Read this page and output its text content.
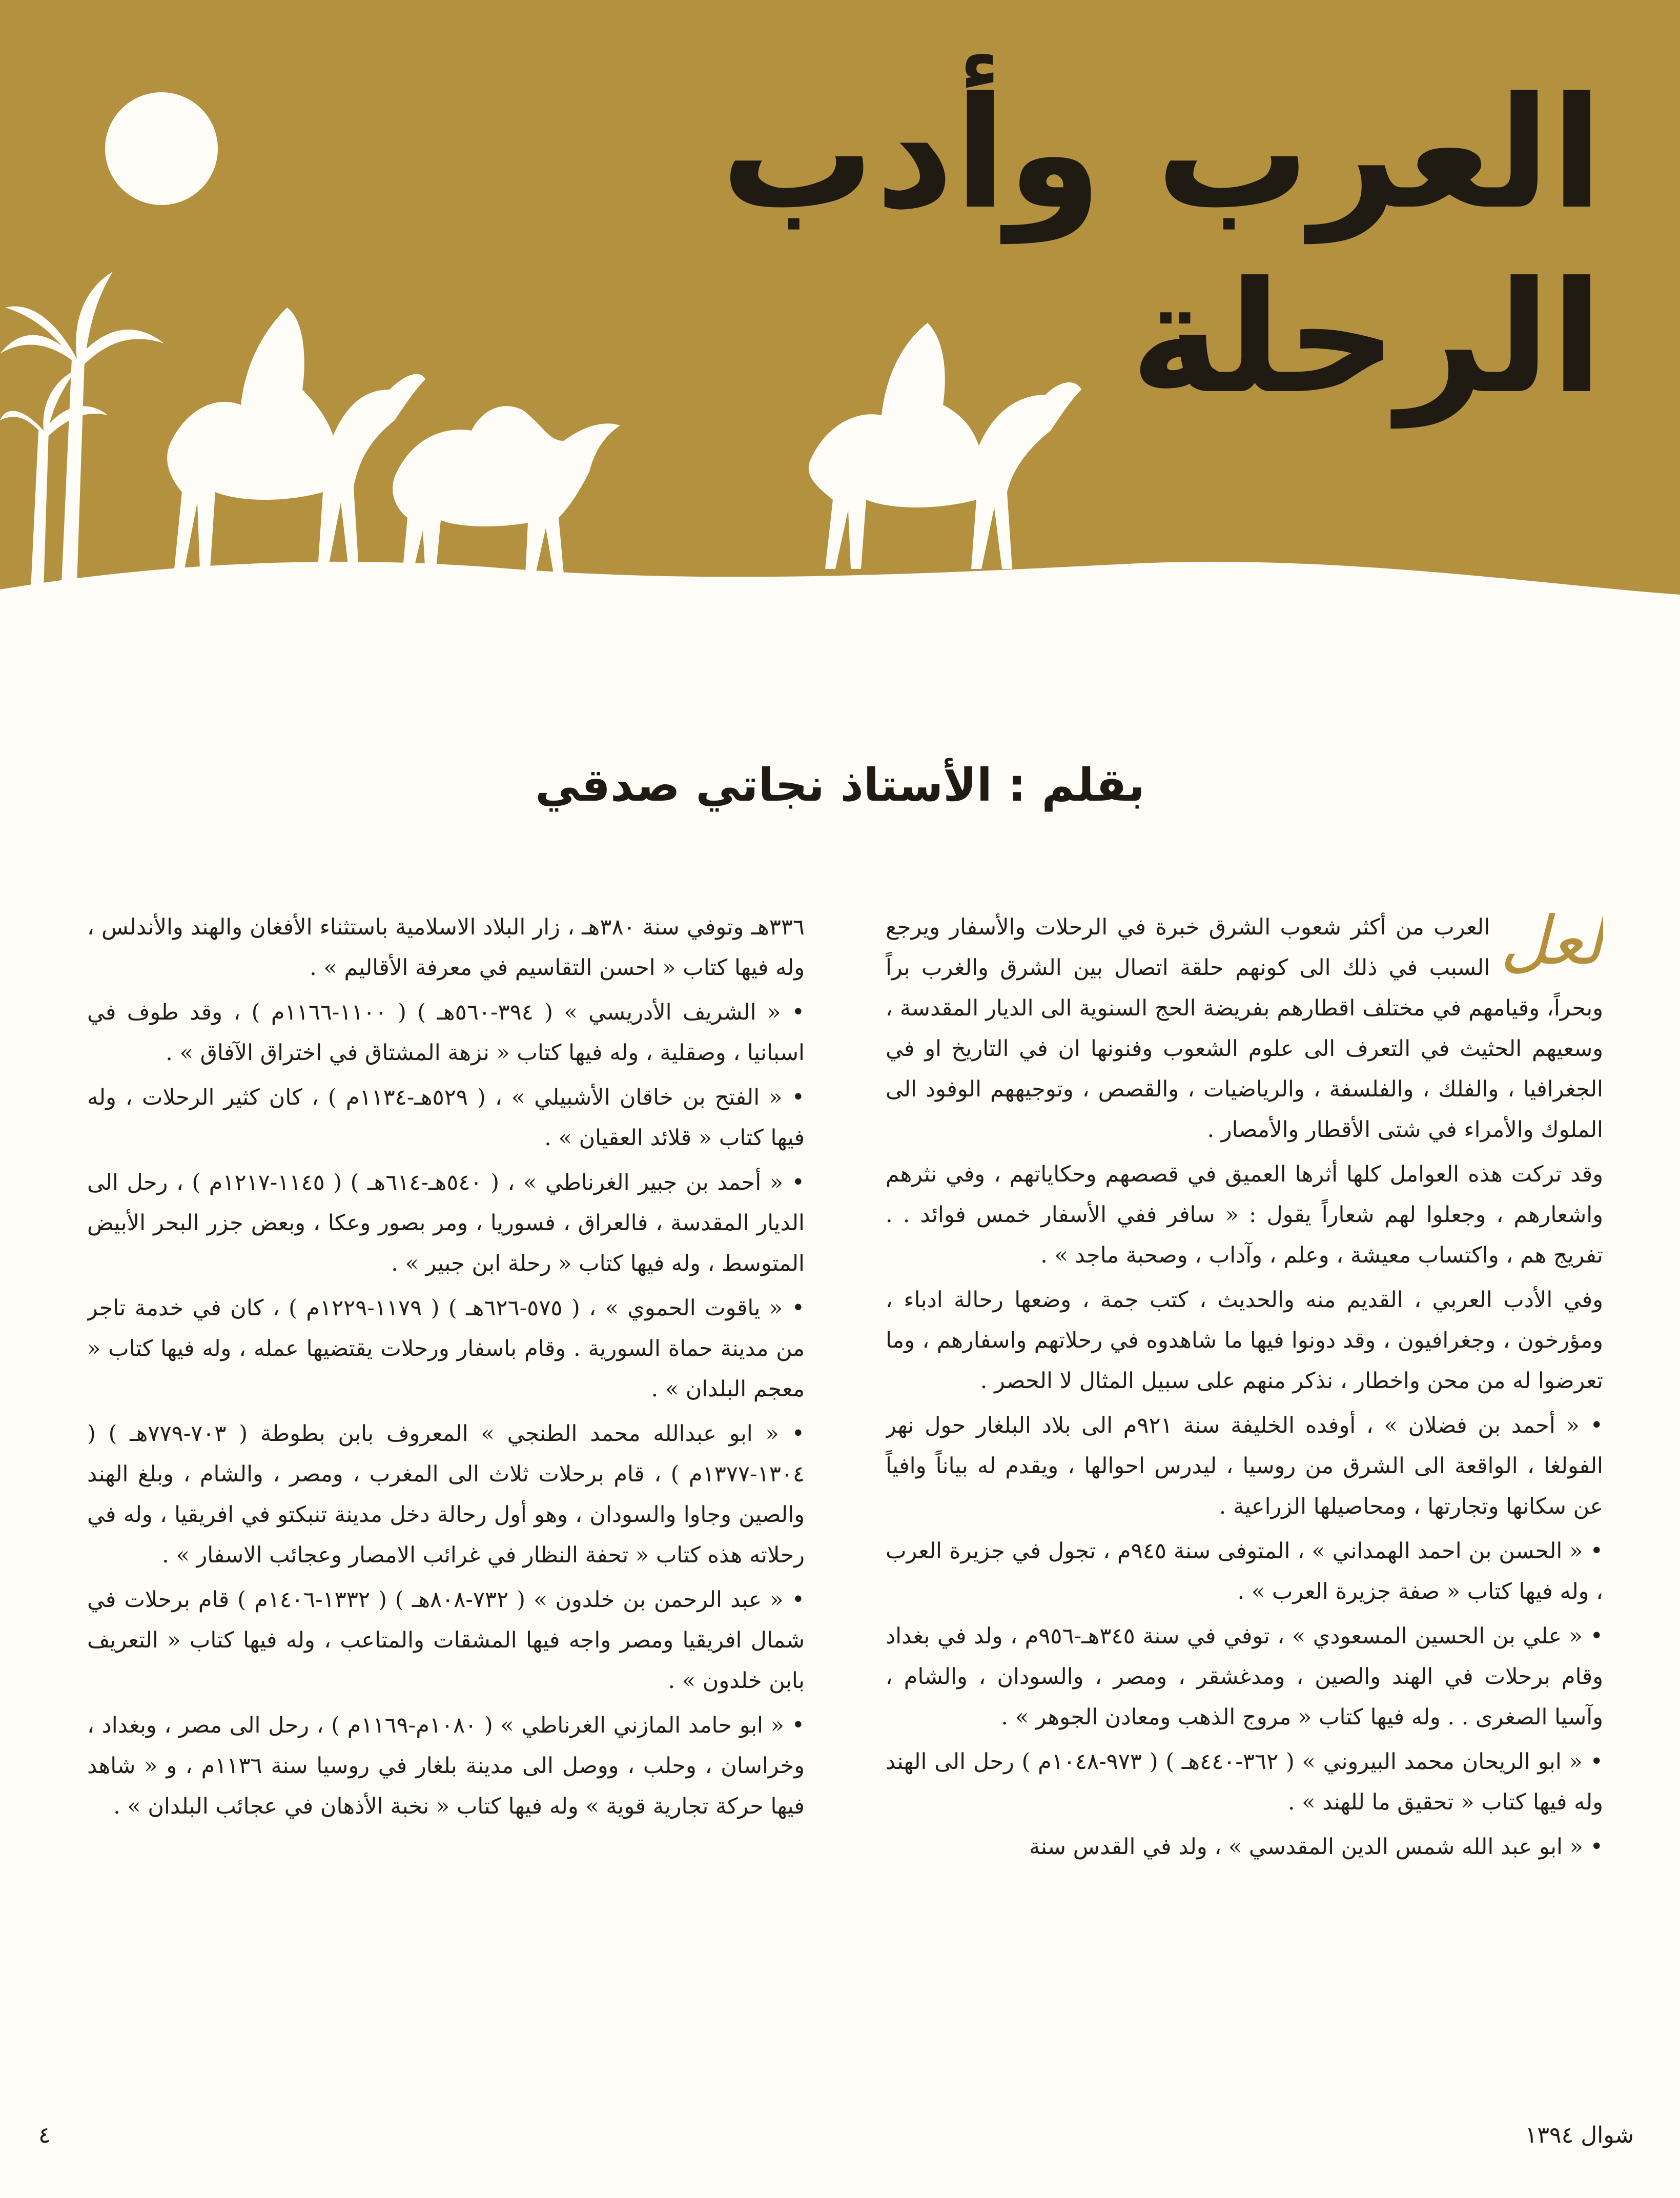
العرب وأدب الرحلة
بقلم : الأستاذ نجاتي صدقي

لعل
العرب من أكثر شعوب الشرق خبرة في الرحلات والأسفار ويرجع السبب في ذلك الى كونهم حلقة اتصال بين الشرق والغرب براً وبحراً، وقيامهم في مختلف اقطارهم بفريضة الحج السنوية الى الديار المقدسة ، وسعيهم الحثيث في التعرف الى علوم الشعوب وفنونها ان في التاريخ او في الجغرافيا ، والفلك ، والفلسفة ، والرياضيات ، والقصص ، وتوجيههم الوفود الى الملوك والأمراء في شتى الأقطار والأمصار .

وقد تركت هذه العوامل كلها أثرها العميق في قصصهم وحكاياتهم ، وفي نثرهم واشعارهم ، وجعلوا لهم شعاراً يقول : « سافر ففي الأسفار خمس فوائد . . تفريج هم ، واكتساب معيشة ، وعلم ، وآداب ، وصحبة ماجد » .

وفي الأدب العربي ، القديم منه والحديث ، كتب جمة ، وضعها رحالة ادباء ، ومؤرخون ، وجغرافيون ، وقد دونوا فيها ما شاهدوه في رحلاتهم واسفارهم ، وما تعرضوا له من محن واخطار ، نذكر منهم على سبيل المثال لا الحصر .

• « أحمد بن فضلان » ، أوفده الخليفة سنة ٩٢١م الى بلاد البلغار حول نهر الفولغا ، الواقعة الى الشرق من روسيا ، ليدرس احوالها ، ويقدم له بياناً وافياً عن سكانها وتجارتها ، ومحاصيلها الزراعية .

• « الحسن بن احمد الهمداني » ، المتوفى سنة ٩٤٥م ، تجول في جزيرة العرب ، وله فيها كتاب « صفة جزيرة العرب » .

• « علي بن الحسين المسعودي » ، توفي في سنة ٣٤٥هـ-٩٥٦م ، ولد في بغداد وقام برحلات في الهند والصين ، ومدغشقر ، ومصر ، والسودان ، والشام ، وآسيا الصغرى . . وله فيها كتاب « مروج الذهب ومعادن الجوهر » .

• « ابو الريحان محمد البيروني » ( ٣٦٢-٤٤٠هـ ) ( ٩٧٣-١٠٤٨م ) رحل الى الهند وله فيها كتاب « تحقيق ما للهند » .

• « ابو عبد الله شمس الدين المقدسي » ، ولد في القدس سنة

٣٣٦هـ وتوفي سنة ٣٨٠هـ ، زار البلاد الاسلامية باستثناء الأفغان والهند والأندلس ، وله فيها كتاب « احسن التقاسيم في معرفة الأقاليم » .

• « الشريف الأدريسي » ( ٣٩٤-٥٦٠هـ ) ( ١١٠٠-١١٦٦م ) ، وقد طوف في اسبانيا ، وصقلية ، وله فيها كتاب « نزهة المشتاق في اختراق الآفاق » .

• « الفتح بن خاقان الأشبيلي » ، ( ٥٢٩هـ-١١٣٤م ) ، كان كثير الرحلات ، وله فيها كتاب « قلائد العقيان » .

• « أحمد بن جبير الغرناطي » ، ( ٥٤٠هـ-٦١٤هـ ) ( ١١٤٥-١٢١٧م ) ، رحل الى الديار المقدسة ، فالعراق ، فسوريا ، ومر بصور وعكا ، وبعض جزر البحر الأبيض المتوسط ، وله فيها كتاب « رحلة ابن جبير » .

• « ياقوت الحموي » ، ( ٥٧٥-٦٢٦هـ ) ( ١١٧٩-١٢٢٩م ) ، كان في خدمة تاجر من مدينة حماة السورية . وقام باسفار ورحلات يقتضيها عمله ، وله فيها كتاب « معجم البلدان » .

• « ابو عبدالله محمد الطنجي » المعروف بابن بطوطة ( ٧٠٣-٧٧٩هـ ) ( ١٣٠٤-١٣٧٧م ) ، قام برحلات ثلاث الى المغرب ، ومصر ، والشام ، وبلغ الهند والصين وجاوا والسودان ، وهو أول رحالة دخل مدينة تنبكتو في افريقيا ، وله في رحلاته هذه كتاب « تحفة النظار في غرائب الامصار وعجائب الاسفار » .

• « عبد الرحمن بن خلدون » ( ٧٣٢-٨٠٨هـ ) ( ١٣٣٢-١٤٠٦م ) قام برحلات في شمال افريقيا ومصر واجه فيها المشقات والمتاعب ، وله فيها كتاب « التعريف بابن خلدون » .

• « ابو حامد المازني الغرناطي » ( ١٠٨٠م-١١٦٩م ) ، رحل الى مصر ، وبغداد ، وخراسان ، وحلب ، ووصل الى مدينة بلغار في روسيا سنة ١١٣٦م ، و « شاهد فيها حركة تجارية قوية » وله فيها كتاب « نخبة الأذهان في عجائب البلدان » .

٤	شوال ١٣٩٤
